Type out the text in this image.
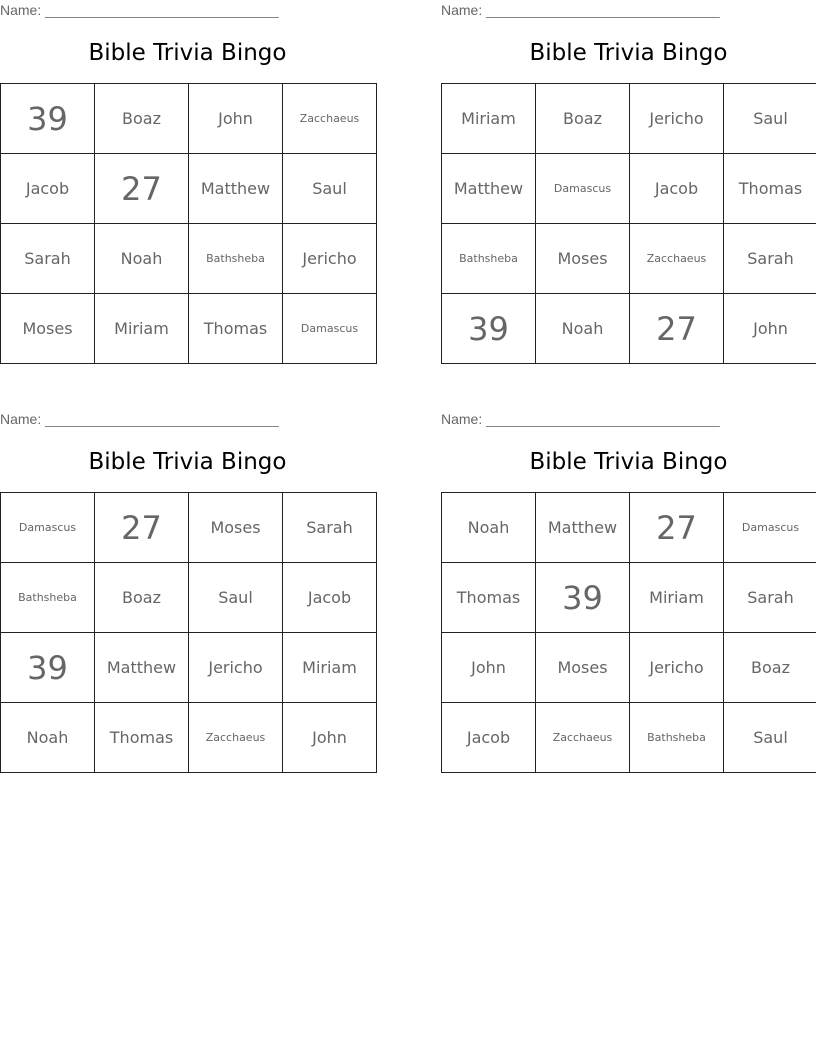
Name: ______________________________
Bible Trivia Bingo
39	Boaz	John	Zacchaeus
Jacob	27	Matthew	Saul
Sarah	Noah	Bathsheba	Jericho
Moses	Miriam	Thomas	Damascus
Name: ______________________________
Bible Trivia Bingo
Miriam	Boaz	Jericho	Saul
Matthew	Damascus	Jacob	Thomas
Bathsheba	Moses	Zacchaeus	Sarah
39	Noah	27	John
Name: ______________________________
Bible Trivia Bingo
Damascus	27	Moses	Sarah
Bathsheba	Boaz	Saul	Jacob
39	Matthew	Jericho	Miriam
Noah	Thomas	Zacchaeus	John
Name: ______________________________
Bible Trivia Bingo
Noah	Matthew	27	Damascus
Thomas	39	Miriam	Sarah
John	Moses	Jericho	Boaz
Jacob	Zacchaeus	Bathsheba	Saul
